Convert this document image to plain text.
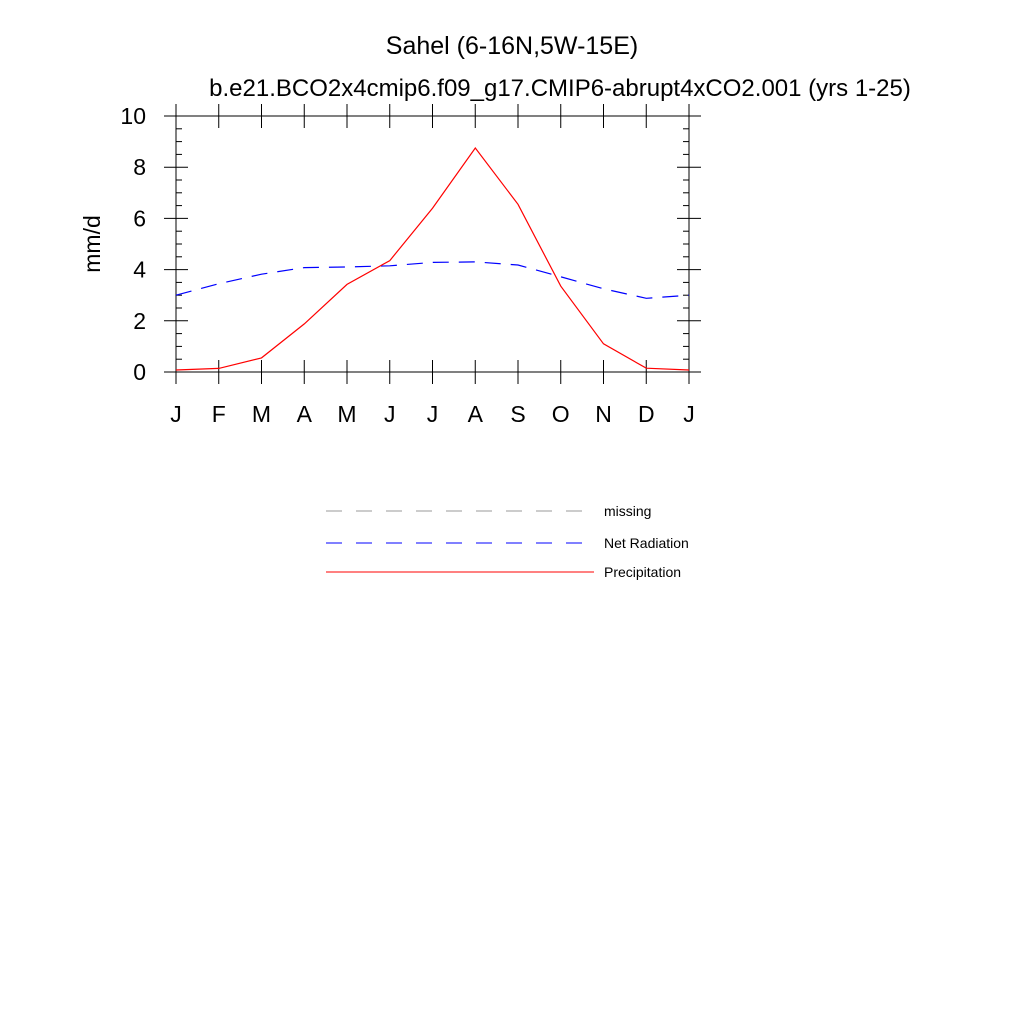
Sahel (6-16N,5W-15E)
b.e21.BCO2x4cmip6.f09_g17.CMIP6-abrupt4xCO2.001 (yrs 1-25)
mm/d
J F M A M J J A S O N D J
0
2
4
6
8
10
missing
Net Radiation
Precipitation
